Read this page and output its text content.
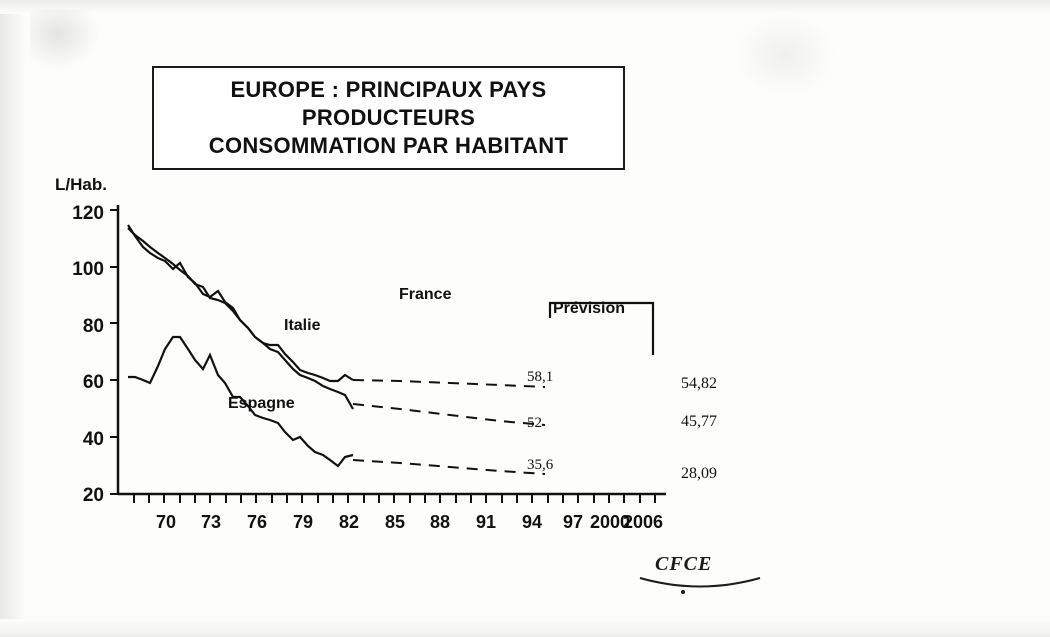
EUROPE : PRINCIPAUX PAYS
PRODUCTEURS
CONSOMMATION PAR HABITANT
L/Hab.
120
100
80
60
40
20
70	73	76	79	82	85	88	91	94	97 2000
2006
France
Italie
Espagne
Prévision
58,1
52
35,6
54,82
45,77
28,09
CFCE
